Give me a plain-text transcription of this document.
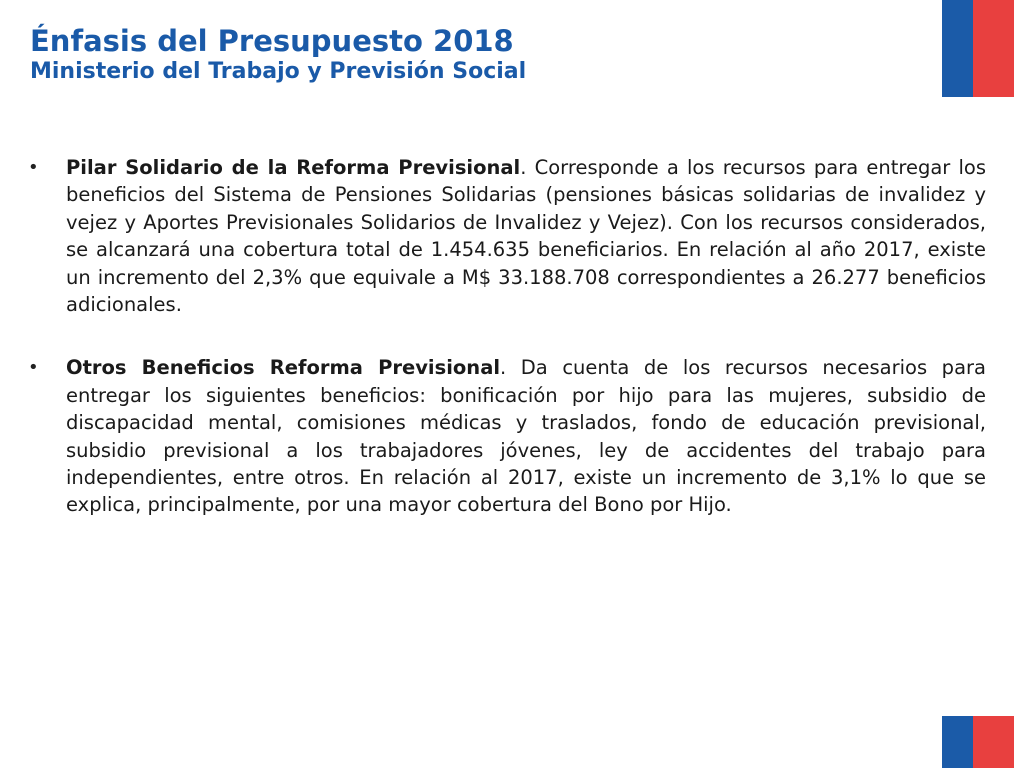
Énfasis del Presupuesto 2018
Ministerio del Trabajo y Previsión Social
•	Pilar Solidario de la Reforma Previsional. Corresponde a los recursos para entregar los beneficios del Sistema de Pensiones Solidarias (pensiones básicas solidarias de invalidez y vejez y Aportes Previsionales Solidarios de Invalidez y Vejez). Con los recursos considerados, se alcanzará una cobertura total de 1.454.635 beneficiarios. En relación al año 2017, existe un incremento del 2,3% que equivale a M$ 33.188.708 correspondientes a 26.277 beneficios adicionales.

•	Otros Beneficios Reforma Previsional. Da cuenta de los recursos necesarios para entregar los siguientes beneficios: bonificación por hijo para las mujeres, subsidio de discapacidad mental, comisiones médicas y traslados, fondo de educación previsional, subsidio previsional a los trabajadores jóvenes, ley de accidentes del trabajo para independientes, entre otros. En relación al 2017, existe un incremento de 3,1% lo que se explica, principalmente, por una mayor cobertura del Bono por Hijo.
